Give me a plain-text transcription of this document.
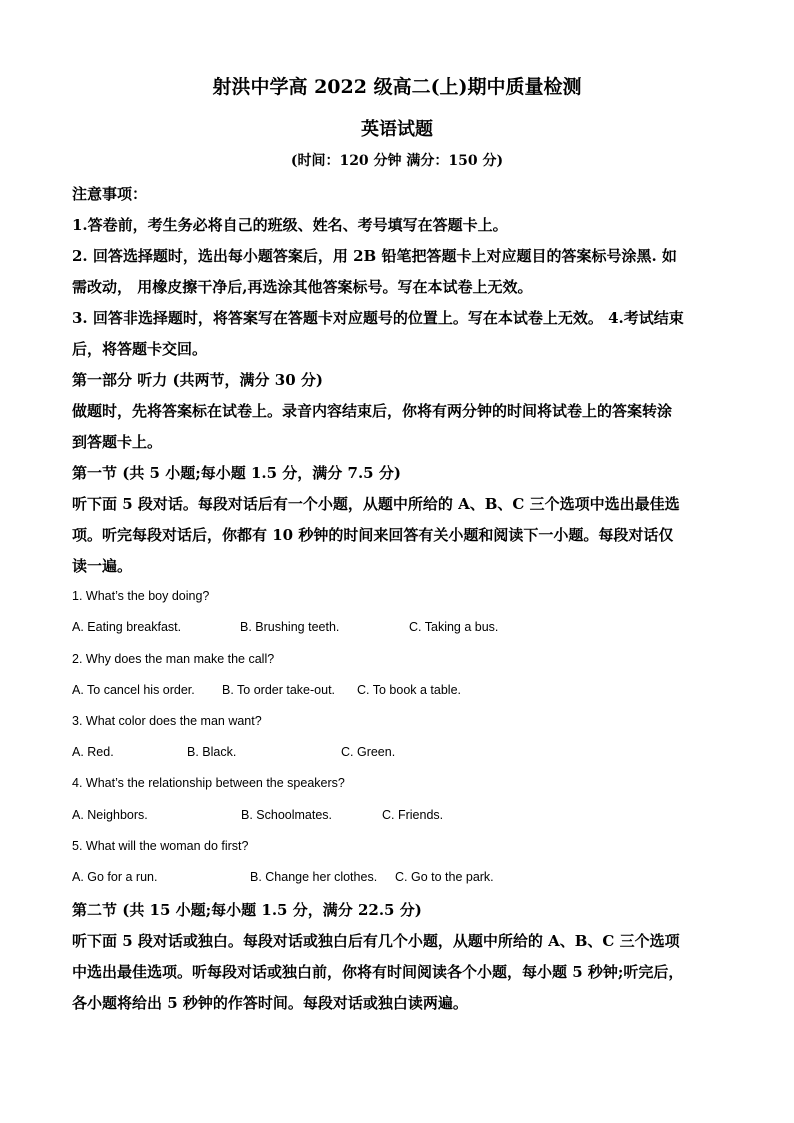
射洪中学高 2022 级高二(上)期中质量检测
英语试题
(时间：120 分钟 满分：150 分)
注意事项：
1.答卷前，考生务必将自己的班级、姓名、考号填写在答题卡上。
2. 回答选择题时，选出每小题答案后，用 2B 铅笔把答题卡上对应题目的答案标号涂黑. 如
需改动， 用橡皮擦干净后,再选涂其他答案标号。写在本试卷上无效。
3. 回答非选择题时，将答案写在答题卡对应题号的位置上。写在本试卷上无效。 4.考试结束
后，将答题卡交回。
第一部分 听力 (共两节，满分 30 分)
做题时，先将答案标在试卷上。录音内容结束后，你将有两分钟的时间将试卷上的答案转涂
到答题卡上。
第一节 (共 5 小题;每小题 1.5 分，满分 7.5 分)
听下面 5 段对话。每段对话后有一个小题，从题中所给的 A、B、C 三个选项中选出最佳选
项。听完每段对话后，你都有 10 秒钟的时间来回答有关小题和阅读下一小题。每段对话仅
读一遍。
1. What’s the boy doing?
A. Eating breakfast.	B. Brushing teeth.	C. Taking a bus.
2. Why does the man make the call?
A. To cancel his order. B. To order take-out. C. To book a table.
3. What color does the man want?
A. Red.	B. Black.	C. Green.
4. What’s the relationship between the speakers?
A. Neighbors.	B. Schoolmates.	C. Friends.
5. What will the woman do first?
A. Go for a run.	B. Change her clothes. C. Go to the park.
第二节 (共 15 小题;每小题 1.5 分，满分 22.5 分)
听下面 5 段对话或独白。每段对话或独白后有几个小题，从题中所给的 A、B、C 三个选项
中选出最佳选项。听每段对话或独白前，你将有时间阅读各个小题，每小题 5 秒钟;听完后，
各小题将给出 5 秒钟的作答时间。每段对话或独白读两遍。
